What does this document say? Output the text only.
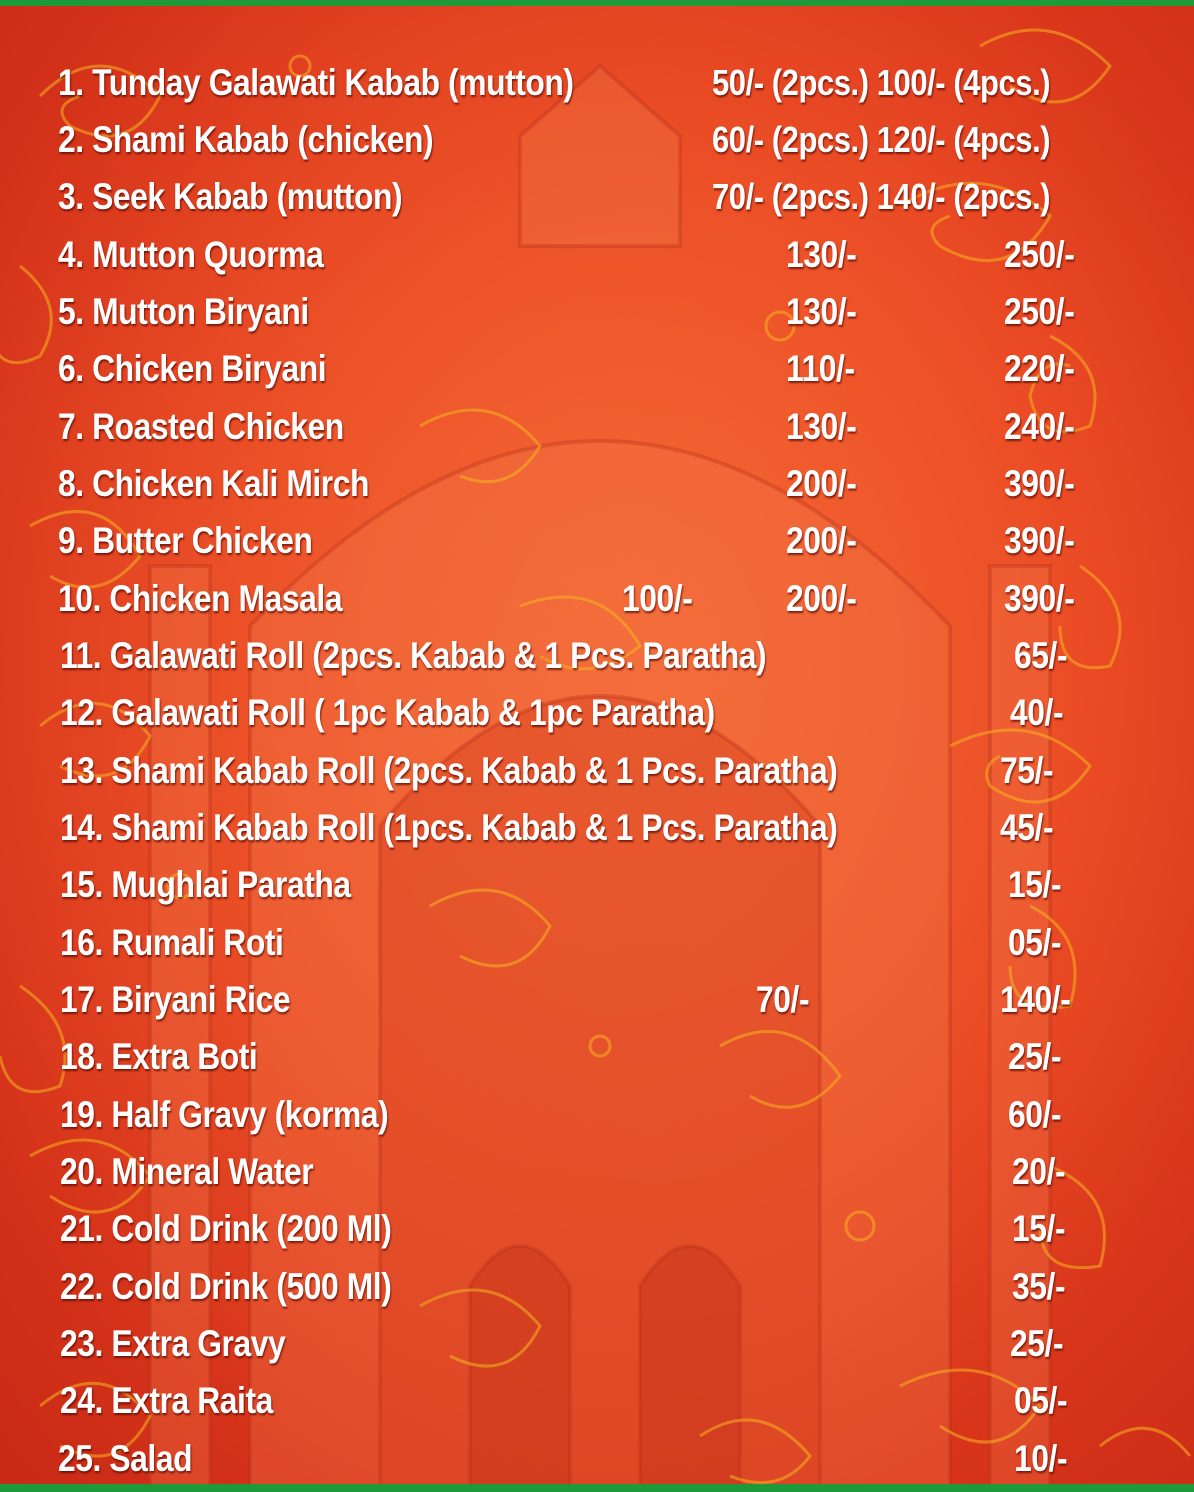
1. Tunday Galawati Kabab (mutton)	50/- (2pcs.) 100/- (4pcs.)
2. Shami Kabab (chicken)	60/- (2pcs.) 120/- (4pcs.)
3. Seek Kabab (mutton)	70/- (2pcs.) 140/- (2pcs.)
4. Mutton Quorma	130/-	250/-
5. Mutton Biryani	130/-	250/-
6. Chicken Biryani	110/-	220/-
7. Roasted Chicken	130/-	240/-
8. Chicken Kali Mirch	200/-	390/-
9. Butter Chicken	200/-	390/-
10. Chicken Masala	100/-	200/-	390/-
11. Galawati Roll (2pcs. Kabab & 1 Pcs. Paratha)	65/-
12. Galawati Roll ( 1pc Kabab & 1pc Paratha)	40/-
13. Shami Kabab Roll (2pcs. Kabab & 1 Pcs. Paratha)	75/-
14. Shami Kabab Roll (1pcs. Kabab & 1 Pcs. Paratha)	45/-
15. Mughlai Paratha	15/-
16. Rumali Roti	05/-
17. Biryani Rice	70/-	140/-
18. Extra Boti	25/-
19. Half Gravy (korma)	60/-
20. Mineral Water	20/-
21. Cold Drink (200 Ml)	15/-
22. Cold Drink (500 Ml)	35/-
23. Extra Gravy	25/-
24. Extra Raita	05/-
25. Salad	10/-
